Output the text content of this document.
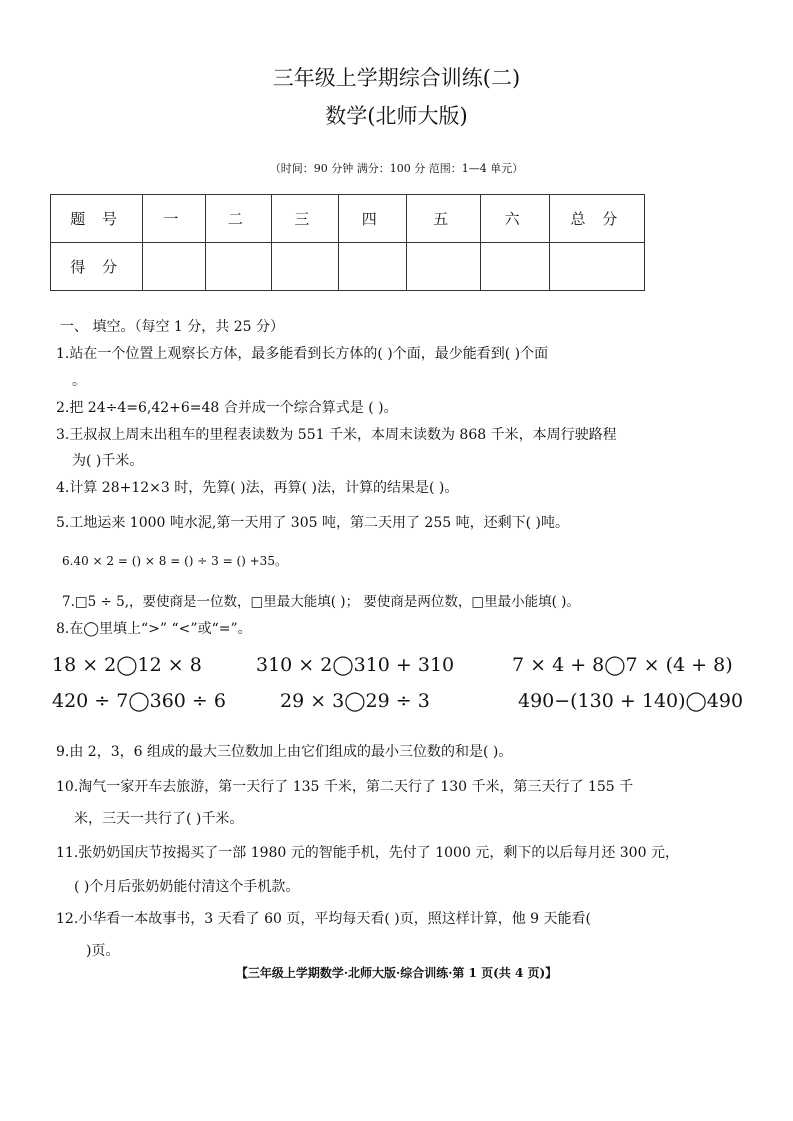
三年级上学期综合训练(二)
数学(北师大版)
（时间：90 分钟 满分：100 分 范围：1—4 单元）
题 号	一	二	三	四	五	六	总 分
得 分							
一、 填空。（每空 1 分，共 25 分）
1.站在一个位置上观察长方体，最多能看到长方体的( )个面，最少能看到( )个面
。
2.把 24÷4=6,42+6=48 合并成一个综合算式是 ( )。
3.王叔叔上周末出租车的里程表读数为 551 千米，本周末读数为 868 千米，本周行驶路程
为( )千米。
4.计算 28+12×3 时，先算( )法，再算( )法，计算的结果是( )。
5.工地运来 1000 吨水泥,第一天用了 305 吨，第二天用了 255 吨，还剩下( )吨。
6.40 × 2 = () × 8 = () ÷ 3 = () +35。
7.□5 ÷ 5,，要使商是一位数，□里最大能填( )； 要使商是两位数，□里最小能填( )。
8.在◯里填上“>” “<”或“=”。
18 × 2◯12 × 8	310 × 2◯310 + 310	7 × 4 + 8◯7 × (4 + 8)
420 ÷ 7◯360 ÷ 6	29 × 3◯29 ÷ 3	490−(130 + 140)◯490
9.由 2，3，6 组成的最大三位数加上由它们组成的最小三位数的和是( )。
10.淘气一家开车去旅游，第一天行了 135 千米，第二天行了 130 千米，第三天行了 155 千
米，三天一共行了( )千米。
11.张奶奶国庆节按揭买了一部 1980 元的智能手机，先付了 1000 元，剩下的以后每月还 300 元，
( )个月后张奶奶能付清这个手机款。
12.小华看一本故事书，3 天看了 60 页，平均每天看( )页，照这样计算，他 9 天能看(
)页。
【三年级上学期数学·北师大版·综合训练·第 1 页(共 4 页)】
